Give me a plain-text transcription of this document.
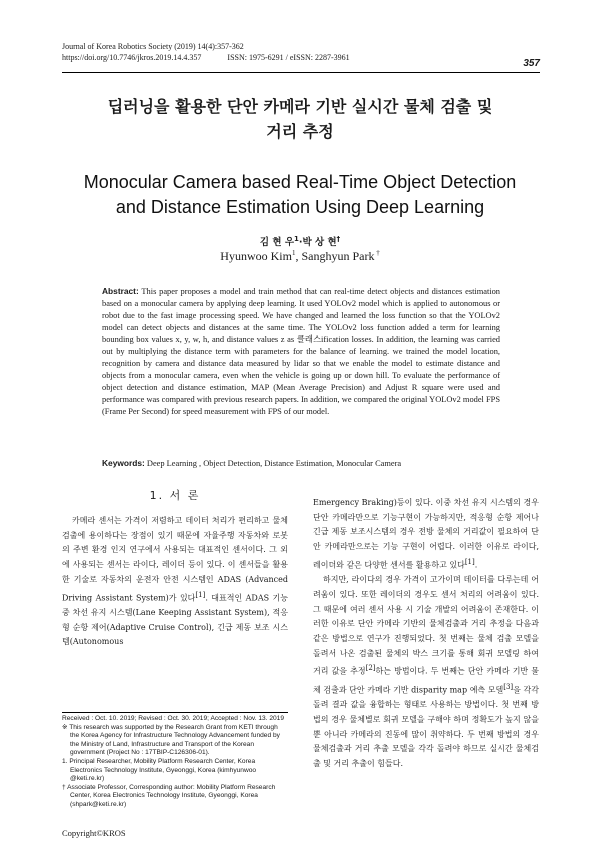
Journal of Korea Robotics Society (2019) 14(4):357-362
https://doi.org/10.7746/jkros.2019.14.4.357	ISSN: 1975-6291 / eISSN: 2287-3961
357
딥러닝을 활용한 단안 카메라 기반 실시간 물체 검출 및
거리 추정
Monocular Camera based Real-Time Object Detection
and Distance Estimation Using Deep Learning
김 현 우$^1$·박 상 현†
Hyunwoo Kim$^1$, Sanghyun Park †
Abstract: This paper proposes a model and train method that can real-time detect objects and distances estimation based on a monocular camera by applying deep learning. It used YOLOv2 model which is applied to autonomous or robot due to the fast image processing speed. We have changed and learned the loss function so that the YOLOv2 model can detect objects and distances at the same time. The YOLOv2 loss function added a term for learning bounding box values x, y, w, h, and distance values z as 클래스ification losses. In addition, the learning was carried out by multiplying the distance term with parameters for the balance of learning. we trained the model location, recognition by camera and distance data measured by lidar so that we enable the model to estimate distance and objects from a monocular camera, even when the vehicle is going up or down hill. To evaluate the performance of object detection and distance estimation, MAP (Mean Average Precision) and Adjust R square were used and performance was compared with previous research papers. In addition, we compared the original YOLOv2 model FPS (Frame Per Second) for speed measurement with FPS of our model.
Keywords: Deep Learning , Object Detection, Distance Estimation, Monocular Camera
1. 서 론

카메라 센서는 가격이 저렴하고 데이터 처리가 편리하고 물체검출에 용이하다는 장점이 있기 때문에 자율주행 자동차와 로봇의 주변 환경 인지 연구에서 사용되는 대표적인 센서이다. 그 외에 사용되는 센서는 라이다, 레이더 등이 있다. 이 센서들을 활용한 기술로 자동차의 운전자 안전 시스템인 ADAS (Advanced Driving Assistant System)가 있다[1]. 대표적인 ADAS 기능 중 차선 유지 시스템(Lane Keeping Assistant System), 적응형 순항 제어(Adaptive Cruise Control), 긴급 제동 보조 시스템(Autonomous

Received : Oct. 10. 2019; Revised : Oct. 30. 2019; Accepted : Nov. 13. 2019
※ This research was supported by the Research Grant from KETI through the Korea Agency for Infrastructure Technology Advancement funded by the Ministry of Land, Infrastructure and Transport of the Korean government (Project No : 17TBIP-C126306-01).
1. Principal Researcher, Mobility Platform Research Center, Korea Electronics Technology Institute, Gyeonggi, Korea (kimhyunwoo @keti.re.kr)
† Associate Professor, Corresponding author: Mobility Platform Research Center, Korea Electronics Technology Institute, Gyeonggi, Korea (shpark@keti.re.kr)
Copyright©KROS

Emergency Braking)등이 있다. 이중 차선 유지 시스템의 경우 단안 카메라만으로 기능구현이 가능하지만, 적응형 순항 제어나 긴급 제동 보조시스템의 경우 전방 물체의 거리값이 필요하여 단안 카메라만으로는 기능 구현이 어렵다. 이러한 이유로 라이다, 레이더와 같은 다양한 센서를 활용하고 있다[1].

하지만, 라이다의 경우 가격이 고가이며 데이터를 다루는데 어려움이 있다. 또한 레이더의 경우도 센서 처리의 어려움이 있다. 그 때문에 여러 센서 사용 시 기술 개발의 어려움이 존재한다. 이러한 이유로 단안 카메라 기반의 물체검출과 거리 추정을 다음과 같은 방법으로 연구가 진행되었다. 첫 번째는 물체 검출 모델을 돌려서 나온 검출된 물체의 박스 크기를 통해 회귀 모델링 하여 거리 값을 추정[2]하는 방법이다. 두 번째는 단안 카메라 기반 물체 검출과 단안 카메라 기반 disparity map 예측 모델[3]을 각각 돌려 결과 값을 융합하는 형태로 사용하는 방법이다. 첫 번째 방법의 경우 물체별로 회귀 모델을 구해야 하며 정확도가 높지 않을 뿐 아니라 카메라의 진동에 많이 취약하다. 두 번째 방법의 경우 물체검출과 거리 추출 모델을 각각 돌려야 하므로 실시간 물체검출 및 거리 추출이 힘들다.
